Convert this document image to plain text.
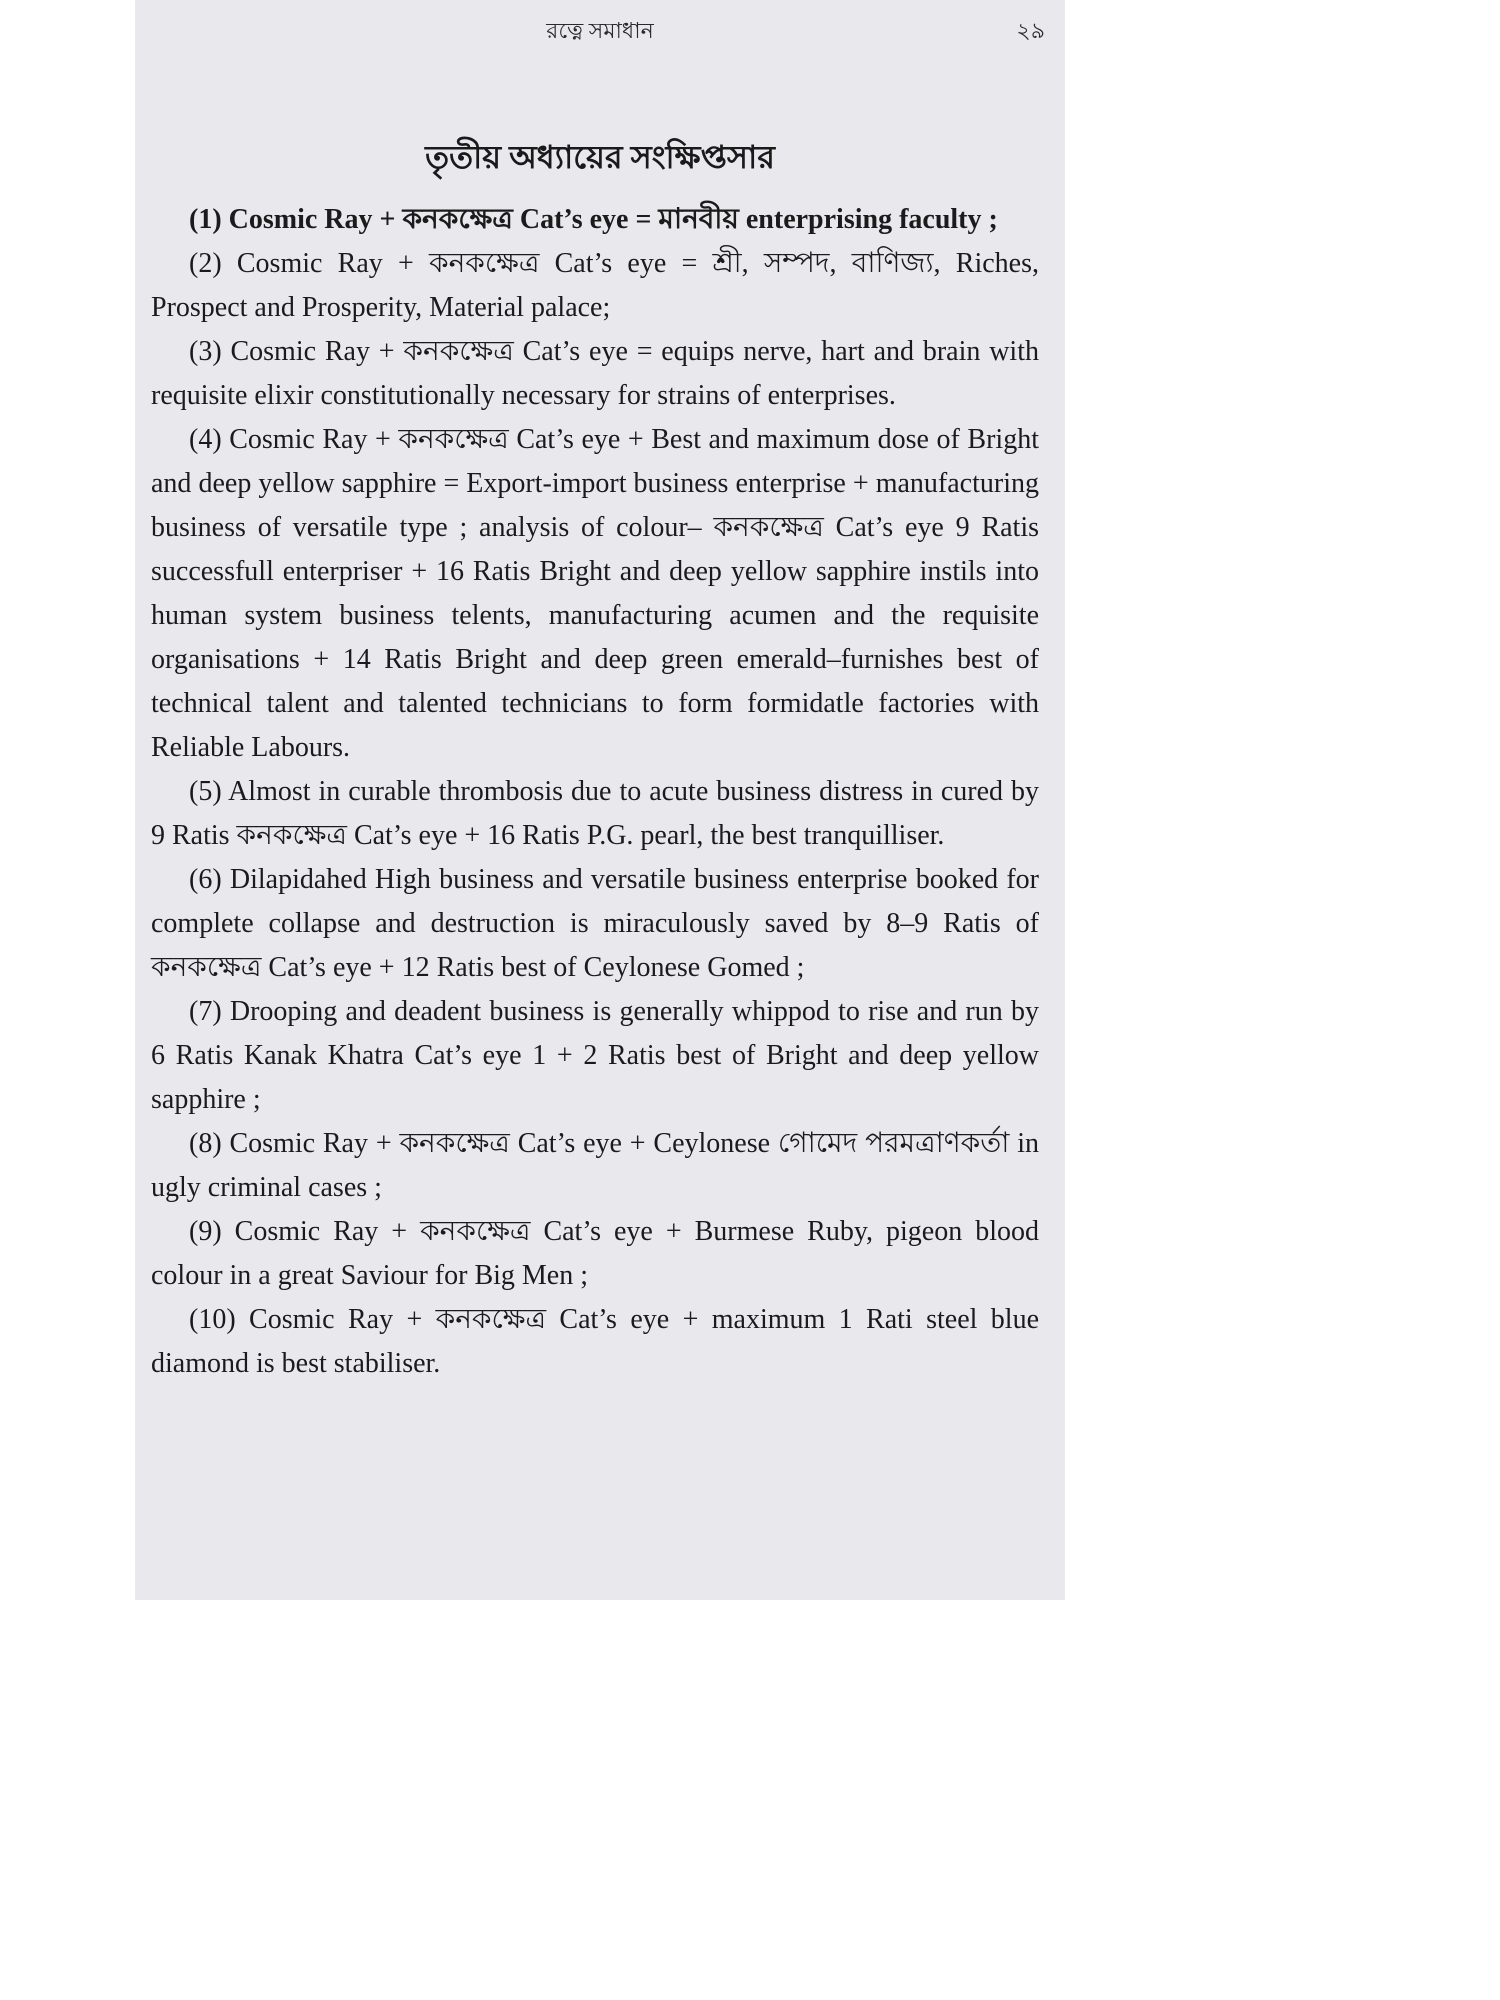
রত্নে সমাধান	২৯
তৃতীয় অধ্যায়ের সংক্ষিপ্তসার

(1) Cosmic Ray + কনকক্ষেত্র Cat’s eye = মানবীয় enterprising faculty ;

(2) Cosmic Ray + কনকক্ষেত্র Cat’s eye = শ্রী, সম্পদ, বাণিজ্য, Riches, Prospect and Prosperity, Material palace;

(3) Cosmic Ray + কনকক্ষেত্র Cat’s eye = equips nerve, hart and brain with requisite elixir constitutionally necessary for strains of enterprises.

(4) Cosmic Ray + কনকক্ষেত্র Cat’s eye + Best and maximum dose of Bright and deep yellow sapphire = Export-import business enterprise + manufacturing business of versatile type ; analysis of colour– কনকক্ষেত্র Cat’s eye 9 Ratis successfull enterpriser + 16 Ratis Bright and deep yellow sapphire instils into human system business telents, manufacturing acumen and the requisite organisations + 14 Ratis Bright and deep green emerald–furnishes best of technical talent and talented technicians to form formidatle factories with Reliable Labours.

(5) Almost in curable thrombosis due to acute business distress in cured by 9 Ratis কনকক্ষেত্র Cat’s eye + 16 Ratis P.G. pearl, the best tranquilliser.

(6) Dilapidahed High business and versatile business enterprise booked for complete collapse and destruction is miraculously saved by 8–9 Ratis of কনকক্ষেত্র Cat’s eye + 12 Ratis best of Ceylonese Gomed ;

(7) Drooping and deadent business is generally whippod to rise and run by 6 Ratis Kanak Khatra Cat’s eye 1 + 2 Ratis best of Bright and deep yellow sapphire ;

(8) Cosmic Ray + কনকক্ষেত্র Cat’s eye + Ceylonese গোমেদ পরমত্রাণকর্তা in ugly criminal cases ;

(9) Cosmic Ray + কনকক্ষেত্র Cat’s eye + Burmese Ruby, pigeon blood colour in a great Saviour for Big Men ;

(10) Cosmic Ray + কনকক্ষেত্র Cat’s eye + maximum 1 Rati steel blue diamond is best stabiliser.
